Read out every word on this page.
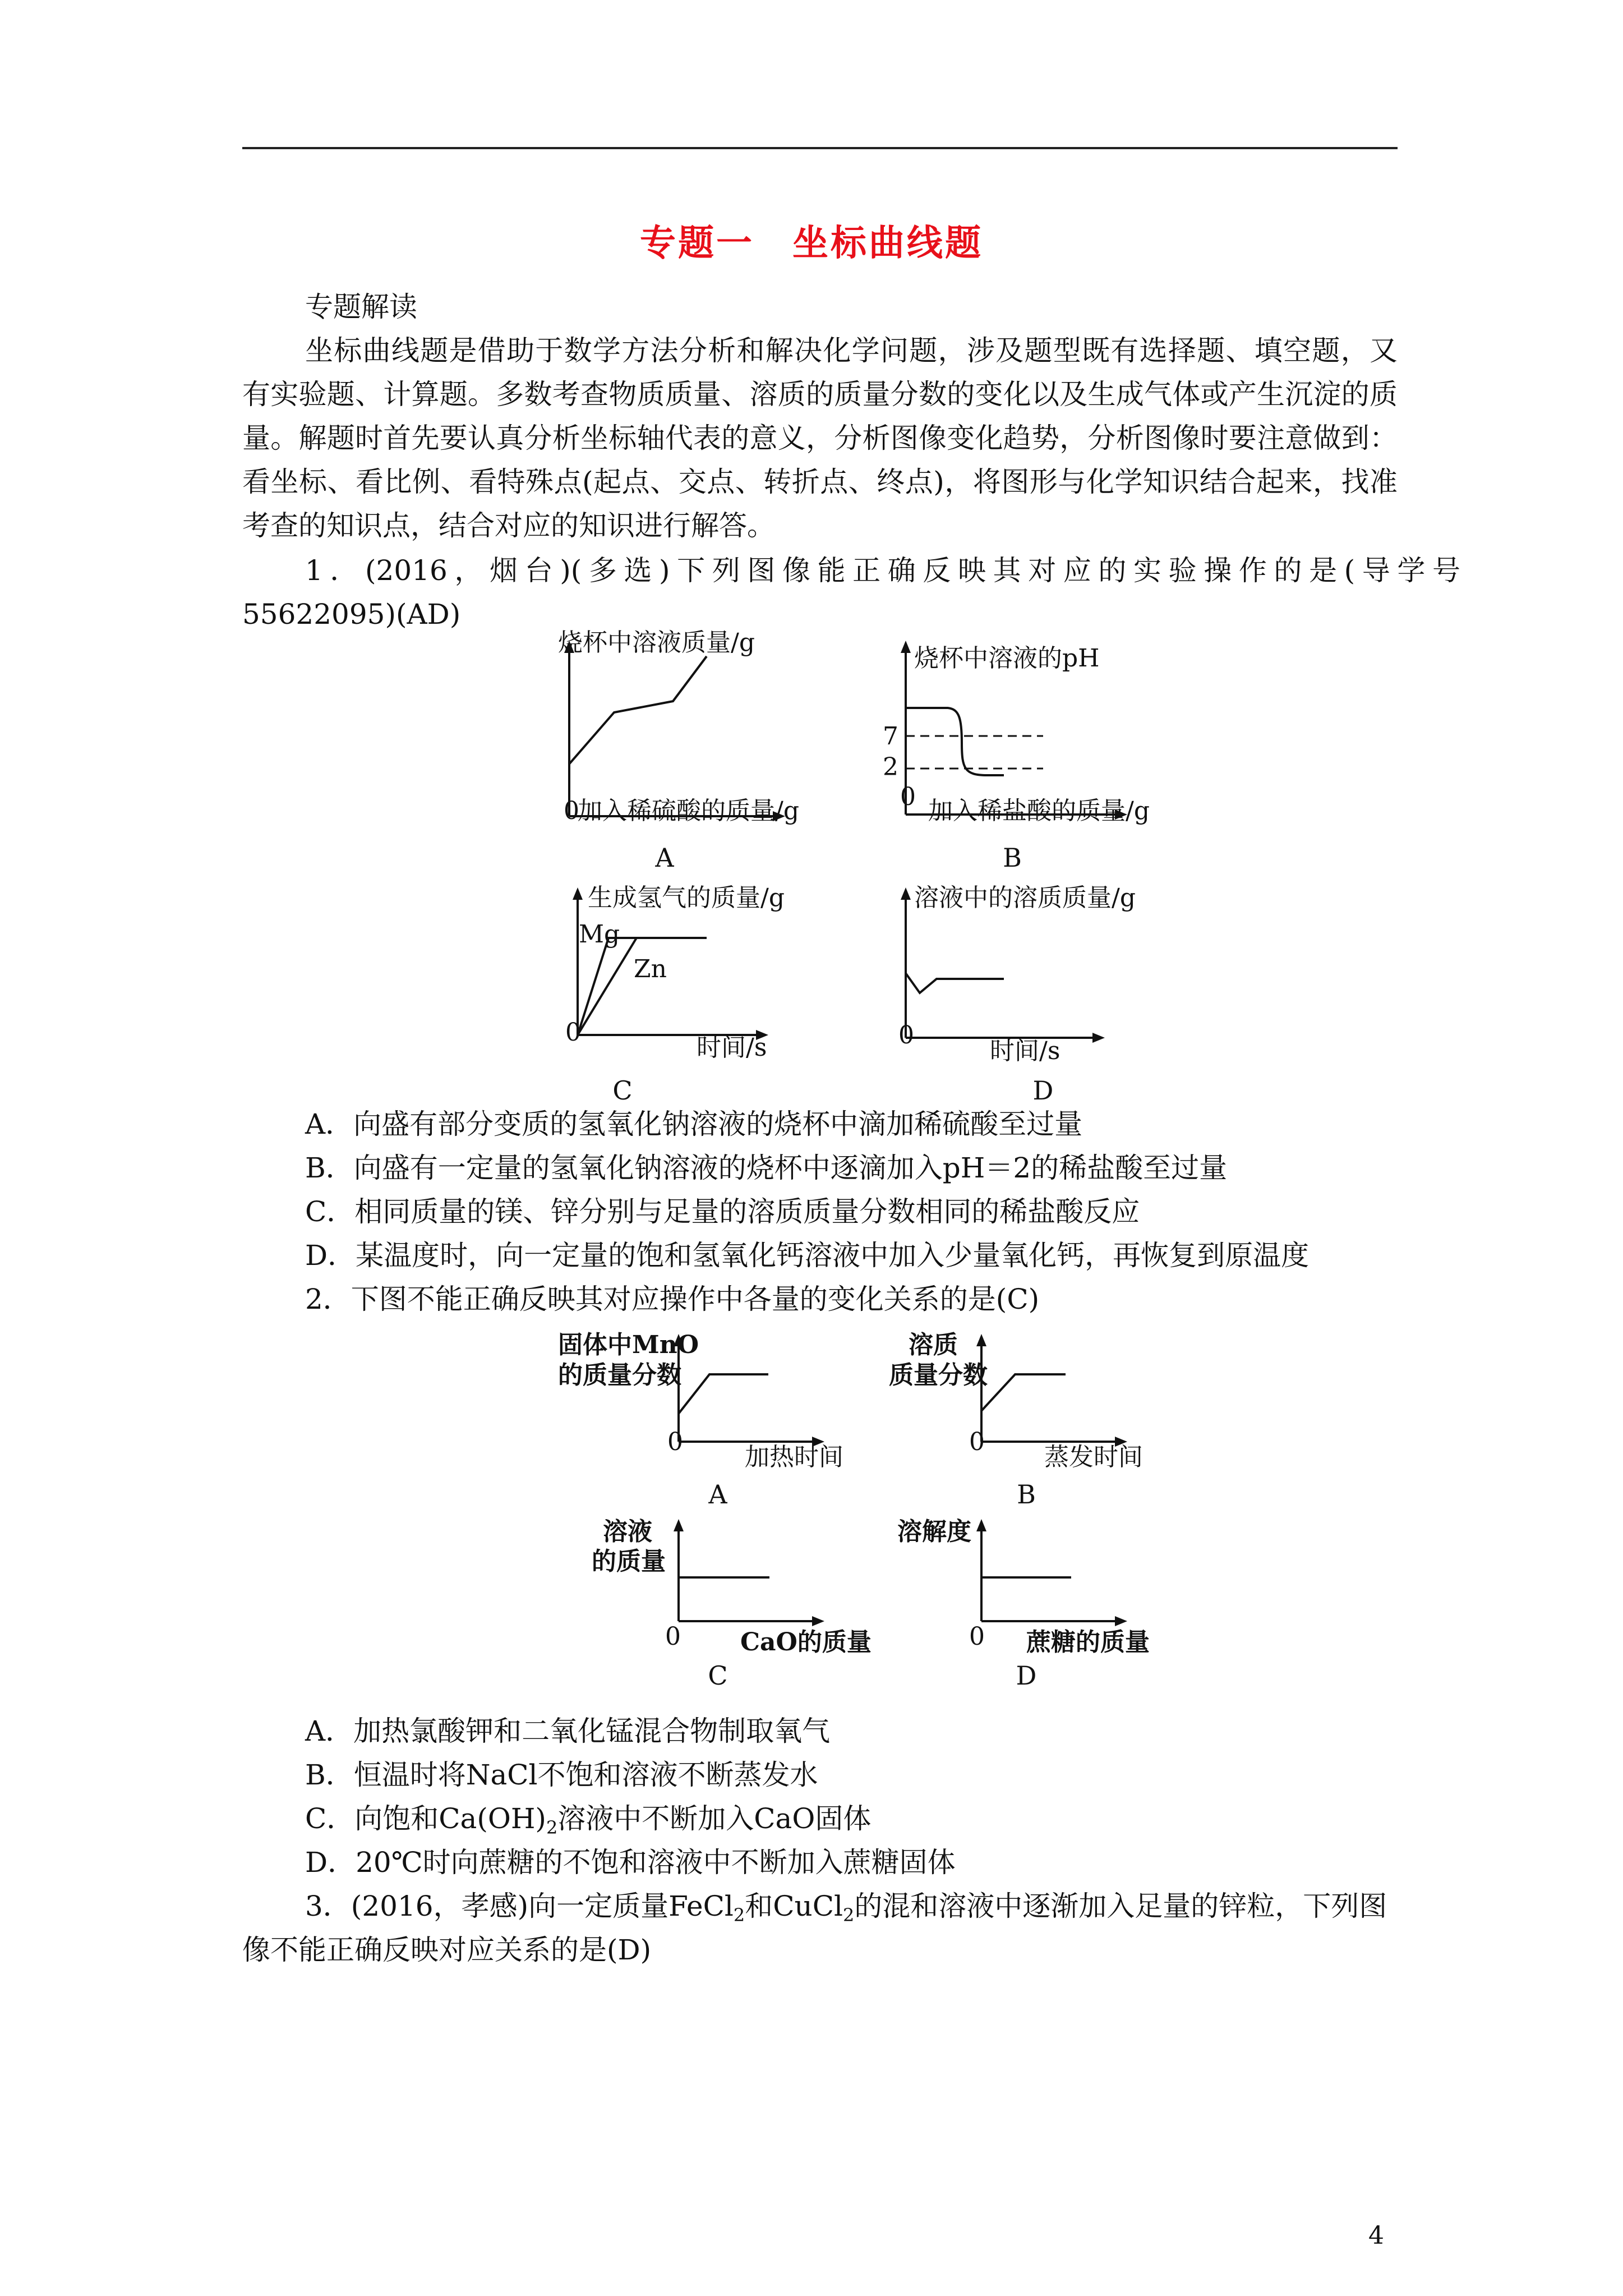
专题一　坐标曲线题
专题解读
坐标曲线题是借助于数学方法分析和解决化学问题，涉及题型既有选择题、填空题，又有实验题、计算题。多数考查物质质量、溶质的质量分数的变化以及生成气体或产生沉淀的质量。解题时首先要认真分析坐标轴代表的意义，分析图像变化趋势，分析图像时要注意做到：看坐标、看比例、看特殊点(起点、交点、转折点、终点)，将图形与化学知识结合起来，找准考查的知识点，结合对应的知识进行解答。
1．(2016，烟台)(多选)下列图像能正确反映其对应的实验操作的是(导学号
55622095)(AD)
烧杯中溶液质量/g
0
加入稀硫酸的质量/g
A
烧杯中溶液的pH
7
2
0 加入稀盐酸的质量/g
B
生成氢气的质量/g
Mg
Zn
0
时间/s
C
溶液中的溶质质量/g
0
时间/s
D
A．向盛有部分变质的氢氧化钠溶液的烧杯中滴加稀硫酸至过量
B．向盛有一定量的氢氧化钠溶液的烧杯中逐滴加入pH＝2的稀盐酸至过量
C．相同质量的镁、锌分别与足量的溶质质量分数相同的稀盐酸反应
D．某温度时，向一定量的饱和氢氧化钙溶液中加入少量氧化钙，再恢复到原温度
2．下图不能正确反映其对应操作中各量的变化关系的是(C)
固体中MnO
的质量分数
0
加热时间
A
溶质
质量分数
0
蒸发时间
B
溶液
的质量
0 CaO的质量
C
溶解度
0 蔗糖的质量
D
A．加热氯酸钾和二氧化锰混合物制取氧气
B．恒温时将NaCl不饱和溶液不断蒸发水
C．向饱和$Ca(OH)_2$溶液中不断加入CaO固体
D．20℃时向蔗糖的不饱和溶液中不断加入蔗糖固体
3．(2016，孝感)向一定质量FeCl$_2$和CuCl$_2$的混和溶液中逐渐加入足量的锌粒，下列图
像不能正确反映对应关系的是(D)
4
